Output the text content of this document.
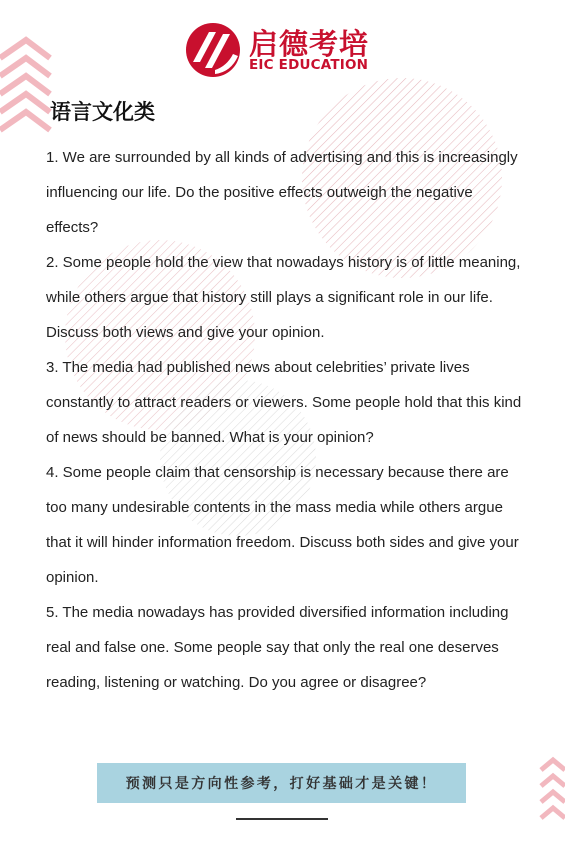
启德考培
EIC EDUCATION
语言文化类

1. We are surrounded by all kinds of advertising and this is increasingly influencing our life. Do the positive effects outweigh the negative effects?

2. Some people hold the view that nowadays history is of little meaning, while others argue that history still plays a significant role in our life. Discuss both views and give your opinion.

3. The media had published news about celebrities’ private lives constantly to attract readers or viewers. Some people hold that this kind of news should be banned. What is your opinion?

4. Some people claim that censorship is necessary because there are too many undesirable contents in the mass media while others argue that it will hinder information freedom. Discuss both sides and give your opinion.

5. The media nowadays has provided diversified information including real and false one. Some people say that only the real one deserves reading, listening or watching. Do you agree or disagree?

预测只是方向性参考，打好基础才是关键！
